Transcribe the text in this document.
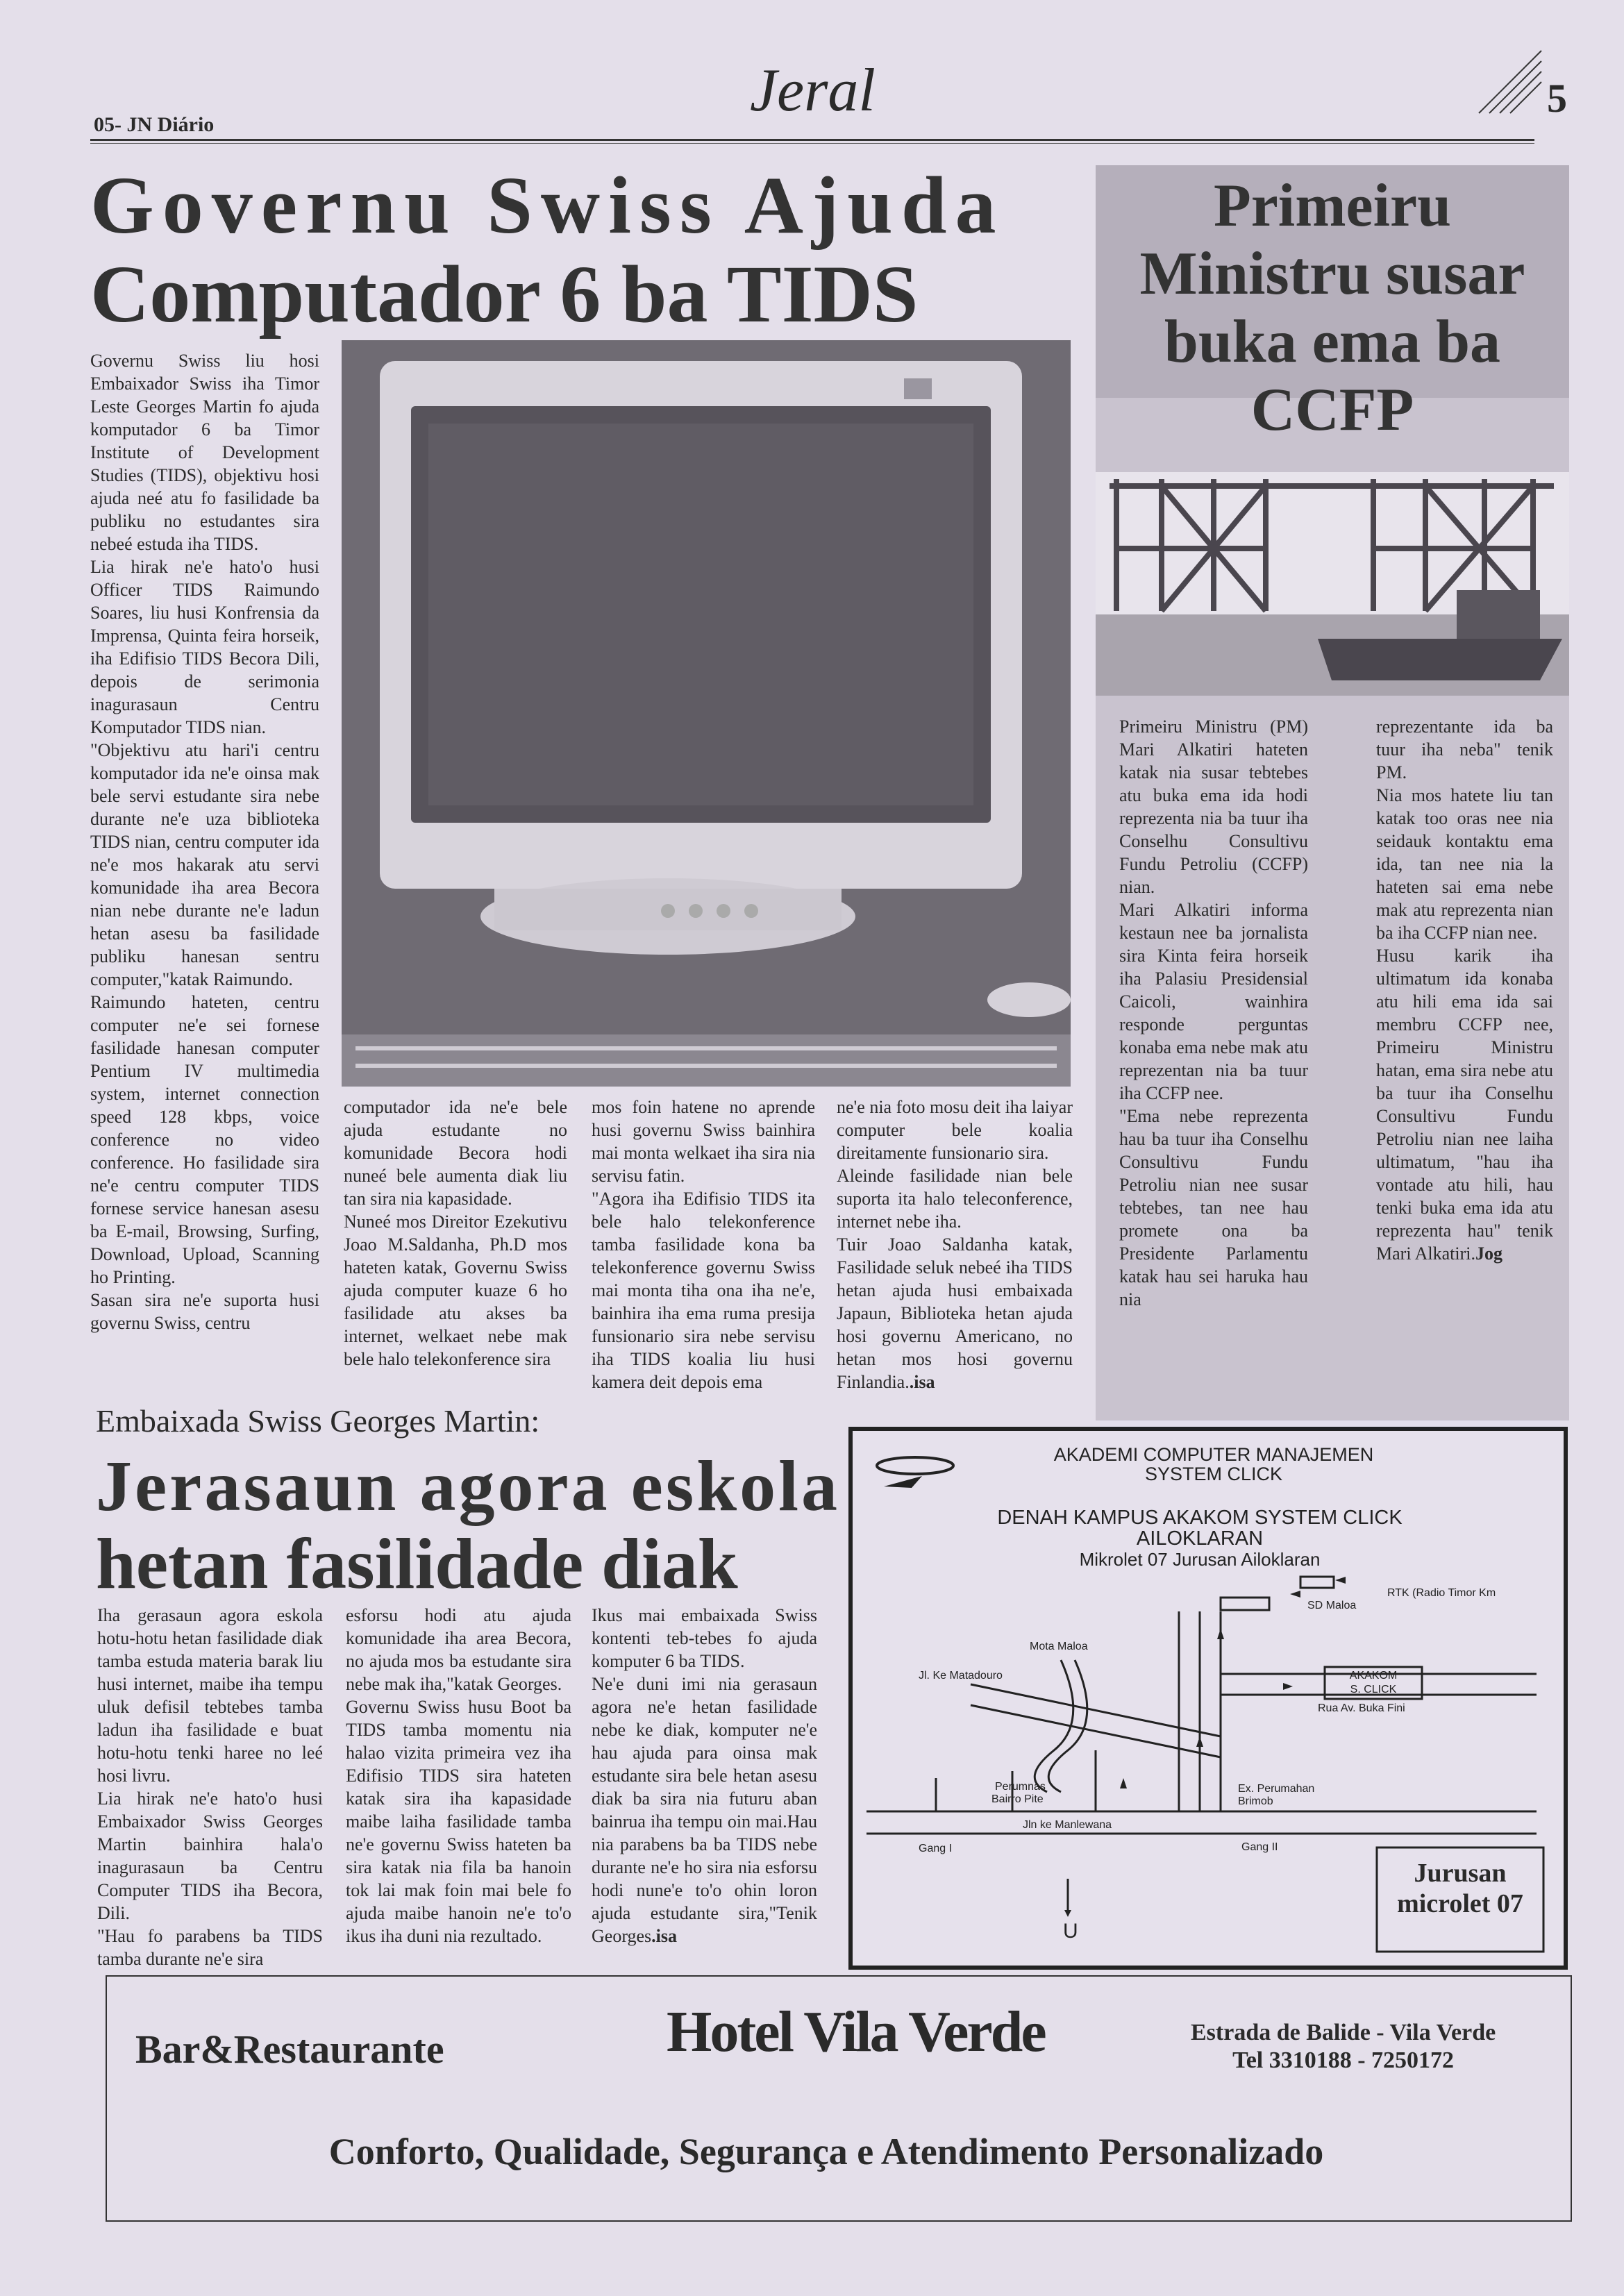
05- JN Diário
Jeral	5
Governu Swiss Ajuda
Computador 6 ba TIDS

Governu Swiss liu hosi Embaixador Swiss iha Timor Leste Georges Martin fo ajuda komputador 6 ba Timor Institute of Development Studies (TIDS), objektivu hosi ajuda neé atu fo fasilidade ba publiku no estudantes sira nebeé estuda iha TIDS.

Lia hirak ne'e hato'o husi Officer TIDS Raimundo Soares, liu husi Konfrensia da Imprensa, Quinta feira horseik, iha Edifisio TIDS Becora Dili, depois de serimonia inagurasaun Centru Komputador TIDS nian.

"Objektivu atu hari'i centru komputador ida ne'e oinsa mak bele servi estudante sira nebe durante ne'e uza biblioteka TIDS nian, centru computer ida ne'e mos hakarak atu servi komunidade iha area Becora nian nebe durante ne'e ladun hetan asesu ba fasilidade publiku hanesan sentru computer,"katak Raimundo.

Raimundo hateten, centru computer ne'e sei fornese fasilidade hanesan computer Pentium IV multimedia system, internet connection speed 128 kbps, voice conference no video conference. Ho fasilidade sira ne'e centru computer TIDS fornese service hanesan asesu ba E-mail, Browsing, Surfing, Download, Upload, Scanning ho Printing.

Sasan sira ne'e suporta husi governu Swiss, centru

computador ida ne'e bele ajuda estudante no komunidade Becora hodi nuneé bele aumenta diak liu tan sira nia kapasidade.

Nuneé mos Direitor Ezekutivu Joao M.Saldanha, Ph.D mos hateten katak, Governu Swiss ajuda computer kuaze 6 ho fasilidade atu akses ba internet, welkaet nebe mak bele halo telekonference sira

mos foin hatene no aprende husi governu Swiss bainhira mai monta welkaet iha sira nia servisu fatin.

"Agora iha Edifisio TIDS ita bele halo telekonference tamba fasilidade kona ba telekonference governu Swiss mai monta tiha ona iha ne'e, bainhira iha ema ruma presija funsionario sira nebe servisu iha TIDS koalia liu husi kamera deit depois ema

ne'e nia foto mosu deit iha laiyar computer bele koalia direitamente funsionario sira.

Aleinde fasilidade nian bele suporta ita halo teleconference, internet nebe iha.

Tuir Joao Saldanha katak, Fasilidade seluk nebeé iha TIDS hetan ajuda husi embaixada Japaun, Biblioteka hetan ajuda hosi governu Americano, no hetan mos hosi governu Finlandia..isa

Primeiru Ministru susar buka ema ba CCFP

Primeiru Ministru (PM) Mari Alkatiri hateten katak nia susar tebtebes atu buka ema ida hodi reprezenta nia ba tuur iha Conselhu Consultivu Fundu Petroliu (CCFP) nian.

Mari Alkatiri informa kestaun nee ba jornalista sira Kinta feira horseik iha Palasiu Presidensial Caicoli, wainhira responde perguntas konaba ema nebe mak atu reprezentan nia ba tuur iha CCFP nee.

"Ema nebe reprezenta hau ba tuur iha Conselhu Consultivu Fundu Petroliu nian nee susar tebtebes, tan nee hau promete ona ba Presidente Parlamentu katak hau sei haruka hau nia

reprezentante ida ba tuur iha neba" tenik PM.

Nia mos hatete liu tan katak too oras nee nia seidauk kontaktu ema ida, tan nee nia la hateten sai ema nebe mak atu reprezenta nian ba iha CCFP nian nee.

Husu karik iha ultimatum ida konaba atu hili ema ida sai membru CCFP nee, Primeiru Ministru hatan, ema sira nebe atu ba tuur iha Conselhu Consultivu Fundu Petroliu nian nee laiha ultimatum, "hau iha vontade atu hili, hau tenki buka ema ida atu reprezenta hau" tenik Mari Alkatiri.Jog

Embaixada Swiss Georges Martin:
Jerasaun agora eskola
hetan fasilidade diak

Iha gerasaun agora eskola hotu-hotu hetan fasilidade diak tamba estuda materia barak liu husi internet, maibe iha tempu uluk defisil tebtebes tamba ladun iha fasilidade e buat hotu-hotu tenki haree no leé hosi livru.

Lia hirak ne'e hato'o husi Embaixador Swiss Georges Martin bainhira hala'o inagurasaun ba Centru Computer TIDS iha Becora, Dili.

"Hau fo parabens ba TIDS tamba durante ne'e sira

esforsu hodi atu ajuda komunidade iha area Becora, no ajuda mos ba estudante sira nebe mak iha,"katak Georges.

Governu Swiss husu Boot ba TIDS tamba momentu nia halao vizita primeira vez iha Edifisio TIDS sira hateten katak sira iha kapasidade maibe laiha fasilidade tamba ne'e governu Swiss hateten ba sira katak nia fila ba hanoin tok lai mak foin mai bele fo ajuda maibe hanoin ne'e to'o ikus iha duni nia rezultado.

Ikus mai embaixada Swiss kontenti teb-tebes fo ajuda komputer 6 ba TIDS.

Ne'e duni imi nia gerasaun agora ne'e hetan fasilidade nebe ke diak, komputer ne'e hau ajuda para oinsa mak estudante sira bele hetan asesu diak ba sira nia futuru aban bainrua iha tempu oin mai.Hau nia parabens ba ba TIDS nebe durante ne'e ho sira nia esforsu hodi nune'e to'o ohin loron ajuda estudante sira,"Tenik Georges.isa

AKADEMI COMPUTER MANAJEMEN
SYSTEM CLICK
DENAH KAMPUS AKAKOM SYSTEM CLICK
AILOKLARAN
Mikrolet 07 Jurusan Ailoklaran
RTK (Radio Timor Km
SD Maloa
Mota Maloa
Jl. Ke Matadouro	AKAKOM
S. CLICK
Rua Av. Buka Fini
Perumnas
Bairro Pite
Ex. Perumahan
Brimob
Jln ke Manlewana
Gang I	Gang II
U
Jurusan
microlet 07
Bar&Restaurante	Hotel Vila Verde	Estrada de Balide - Vila Verde
Tel 3310188 - 7250172
Conforto, Qualidade, Segurança e Atendimento Personalizado
